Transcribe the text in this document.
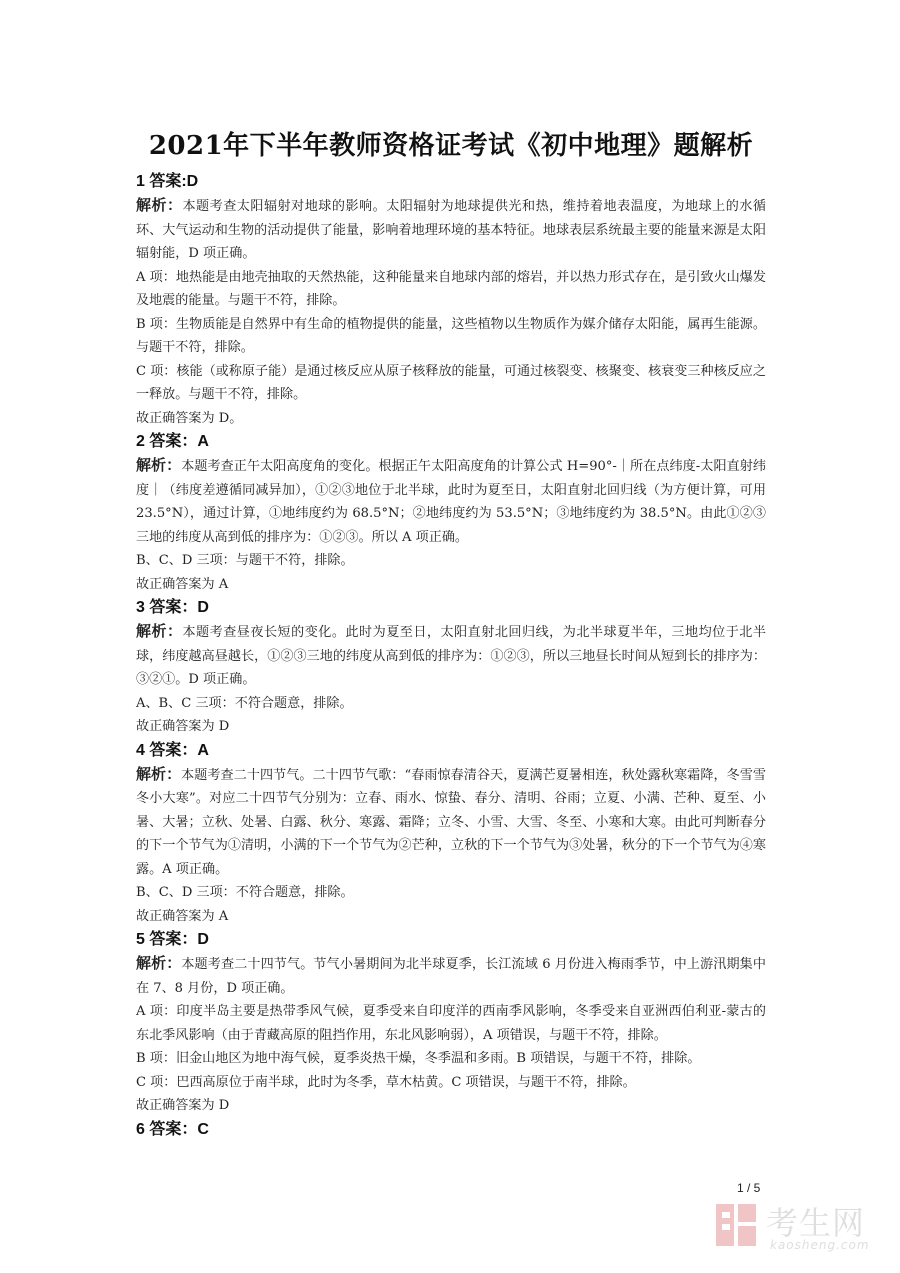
2021年下半年教师资格证考试《初中地理》题解析

1 答案:D

解析：本题考查太阳辐射对地球的影响。太阳辐射为地球提供光和热，维持着地表温度，为地球上的水循环、大气运动和生物的活动提供了能量，影响着地理环境的基本特征。地球表层系统最主要的能量来源是太阳辐射能，D 项正确。

A 项：地热能是由地壳抽取的天然热能，这种能量来自地球内部的熔岩，并以热力形式存在，是引致火山爆发及地震的能量。与题干不符，排除。

B 项：生物质能是自然界中有生命的植物提供的能量，这些植物以生物质作为媒介储存太阳能，属再生能源。与题干不符，排除。

C 项：核能（或称原子能）是通过核反应从原子核释放的能量，可通过核裂变、核聚变、核衰变三种核反应之一释放。与题干不符，排除。

故正确答案为 D。

2 答案：A

解析：本题考查正午太阳高度角的变化。根据正午太阳高度角的计算公式 H=90°-｜所在点纬度-太阳直射纬度｜（纬度差遵循同减异加），①②③地位于北半球，此时为夏至日，太阳直射北回归线（为方便计算，可用 23.5°N），通过计算，①地纬度约为 68.5°N；②地纬度约为 53.5°N；③地纬度约为 38.5°N。由此①②③三地的纬度从高到低的排序为：①②③。所以 A 项正确。

B、C、D 三项：与题干不符，排除。

故正确答案为 A

3 答案：D

解析：本题考查昼夜长短的变化。此时为夏至日，太阳直射北回归线，为北半球夏半年，三地均位于北半球，纬度越高昼越长，①②③三地的纬度从高到低的排序为：①②③，所以三地昼长时间从短到长的排序为：③②①。D 项正确。

A、B、C 三项：不符合题意，排除。

故正确答案为 D

4 答案：A

解析：本题考查二十四节气。二十四节气歌：“春雨惊春清谷天，夏满芒夏暑相连，秋处露秋寒霜降，冬雪雪冬小大寒”。对应二十四节气分别为：立春、雨水、惊蛰、春分、清明、谷雨；立夏、小满、芒种、夏至、小暑、大暑；立秋、处暑、白露、秋分、寒露、霜降；立冬、小雪、大雪、冬至、小寒和大寒。由此可判断春分的下一个节气为①清明，小满的下一个节气为②芒种，立秋的下一个节气为③处暑，秋分的下一个节气为④寒露。A 项正确。

B、C、D 三项：不符合题意，排除。

故正确答案为 A

5 答案：D

解析：本题考查二十四节气。节气小暑期间为北半球夏季，长江流域 6 月份进入梅雨季节，中上游汛期集中在 7、8 月份，D 项正确。

A 项：印度半岛主要是热带季风气候，夏季受来自印度洋的西南季风影响，冬季受来自亚洲西伯利亚-蒙古的东北季风影响（由于青藏高原的阻挡作用，东北风影响弱），A 项错误，与题干不符，排除。

B 项：旧金山地区为地中海气候，夏季炎热干燥，冬季温和多雨。B 项错误，与题干不符，排除。

C 项：巴西高原位于南半球，此时为冬季，草木枯黄。C 项错误，与题干不符，排除。

故正确答案为 D

6 答案：C

1 / 5
考生网
kaosheng.com
